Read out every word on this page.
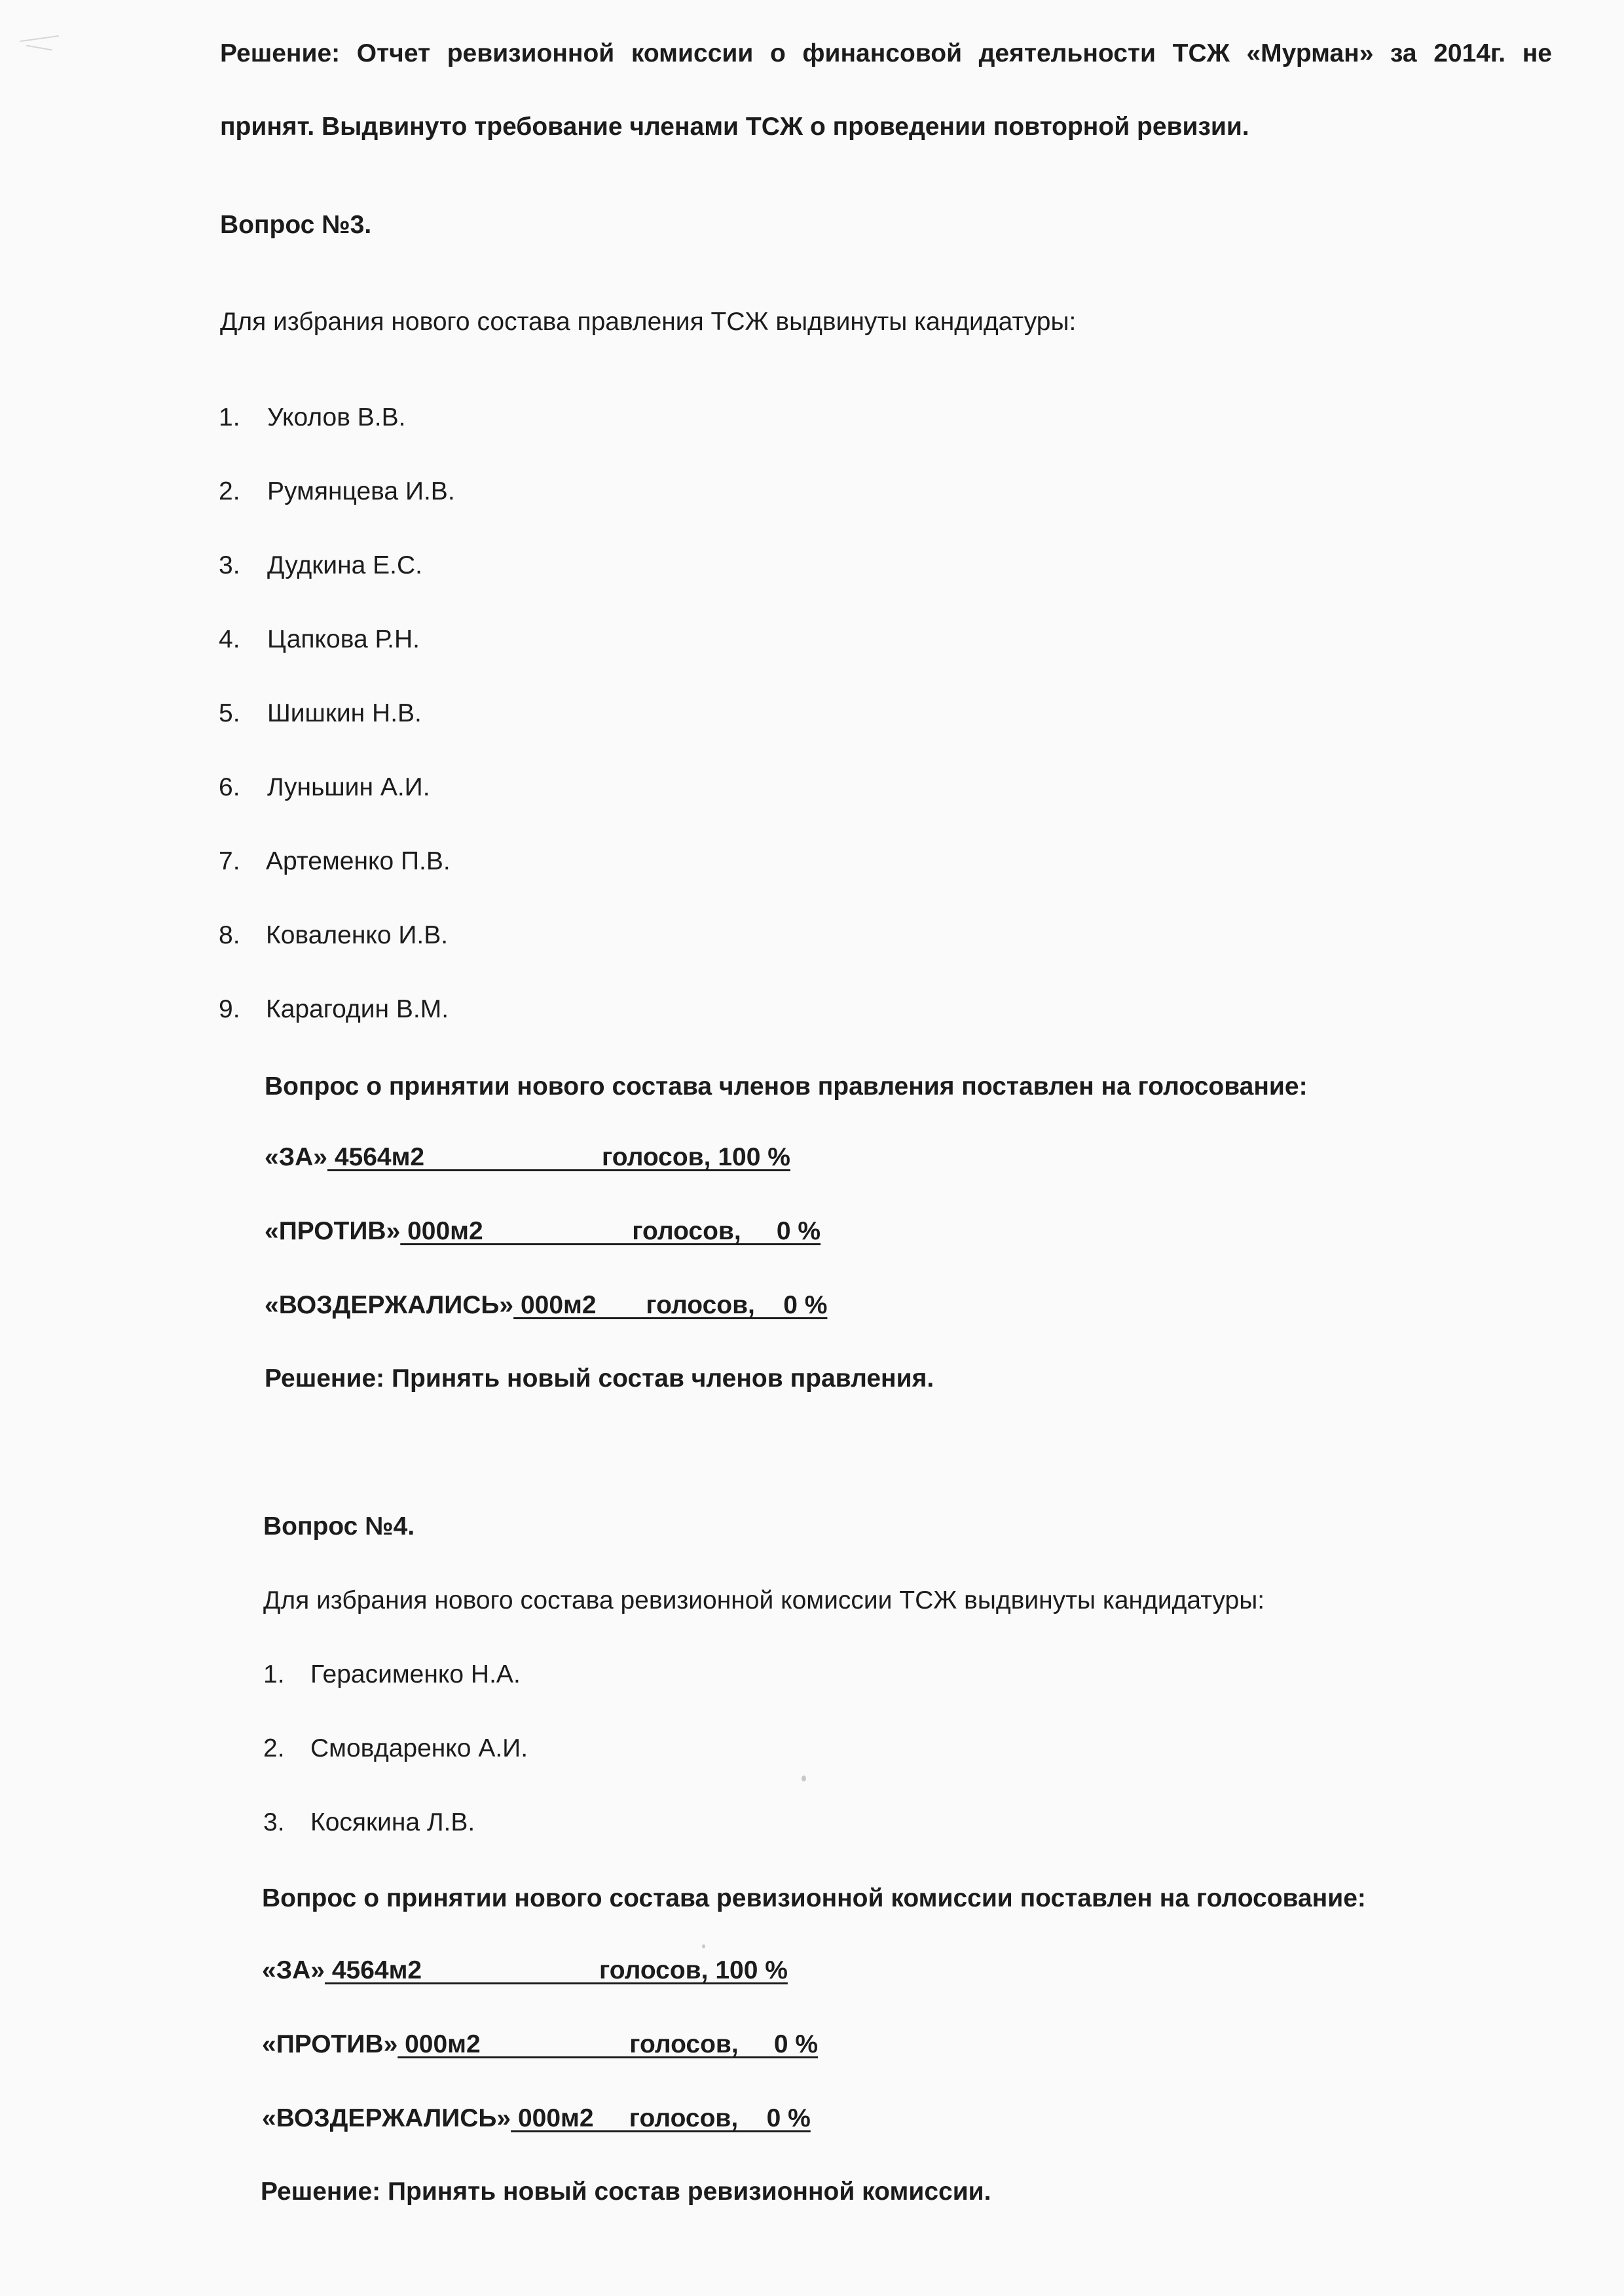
Решение: Отчет ревизионной комиссии о финансовой деятельности ТСЖ «Мурман» за 2014г. не
принят. Выдвинуто требование членами ТСЖ о проведении повторной ревизии.
Вопрос №3.
Для избрания нового состава правления ТСЖ выдвинуты кандидатуры:
1. Уколов В.В.
2. Румянцева И.В.
3. Дудкина Е.С.
4. Цапкова Р.Н.
5. Шишкин Н.В.
6. Луньшин А.И.
7. Артеменко П.В.
8. Коваленко И.В.
9. Карагодин В.М.
Вопрос о принятии нового состава членов правления поставлен на голосование:
«ЗА» 4564м2                         голосов, 100 %
«ПРОТИВ» 000м2                     голосов,     0 %
«ВОЗДЕРЖАЛИСЬ» 000м2       голосов,    0 %
Решение: Принять новый состав членов правления.
Вопрос №4.
Для избрания нового состава ревизионной комиссии ТСЖ выдвинуты кандидатуры:
1. Герасименко Н.А.
2. Смовдаренко А.И.
3. Косякина Л.В.
Вопрос о принятии нового состава ревизионной комиссии поставлен на голосование:
«ЗА» 4564м2                         голосов, 100 %
«ПРОТИВ» 000м2                     голосов,     0 %
«ВОЗДЕРЖАЛИСЬ» 000м2     голосов,    0 %
Решение: Принять новый состав ревизионной комиссии.
